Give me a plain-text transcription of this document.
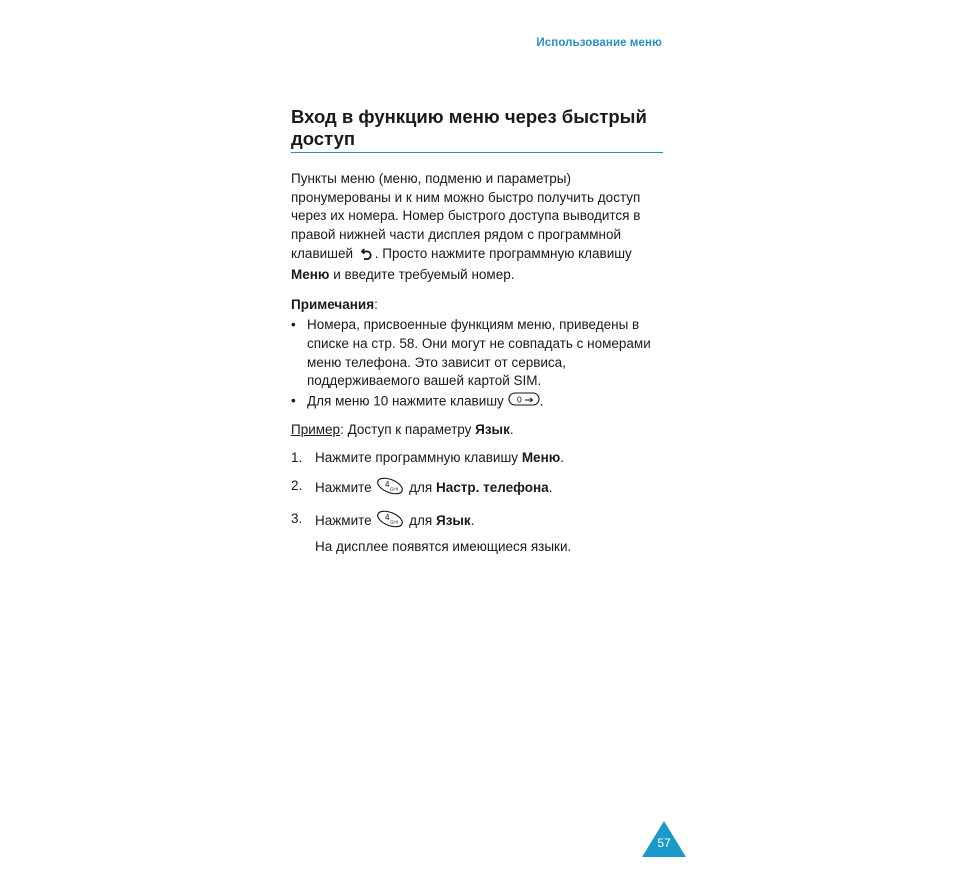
Использование меню
Вход в функцию меню через быстрый доступ
Пункты меню (меню, подменю и параметры) пронумерованы и к ним можно быстро получить доступ через их номера. Номер быстрого доступа выводится в правой нижней части дисплея рядом с программной клавишей . Просто нажмите программную клавишу Меню и введите требуемый номер.
Примечания:
• Номера, присвоенные функциям меню, приведены в списке на стр. 58. Они могут не совпадать с номерами меню телефона. Это зависит от сервиса, поддерживаемого вашей картой SIM.
• Для меню 10 нажмите клавишу 0 .
Пример: Доступ к параметру Язык.
1. Нажмите программную клавишу Меню.
2. Нажмите 4 GHI для Настр. телефона.
3. Нажмите 4 GHI для Язык.
На дисплее появятся имеющиеся языки.
57
